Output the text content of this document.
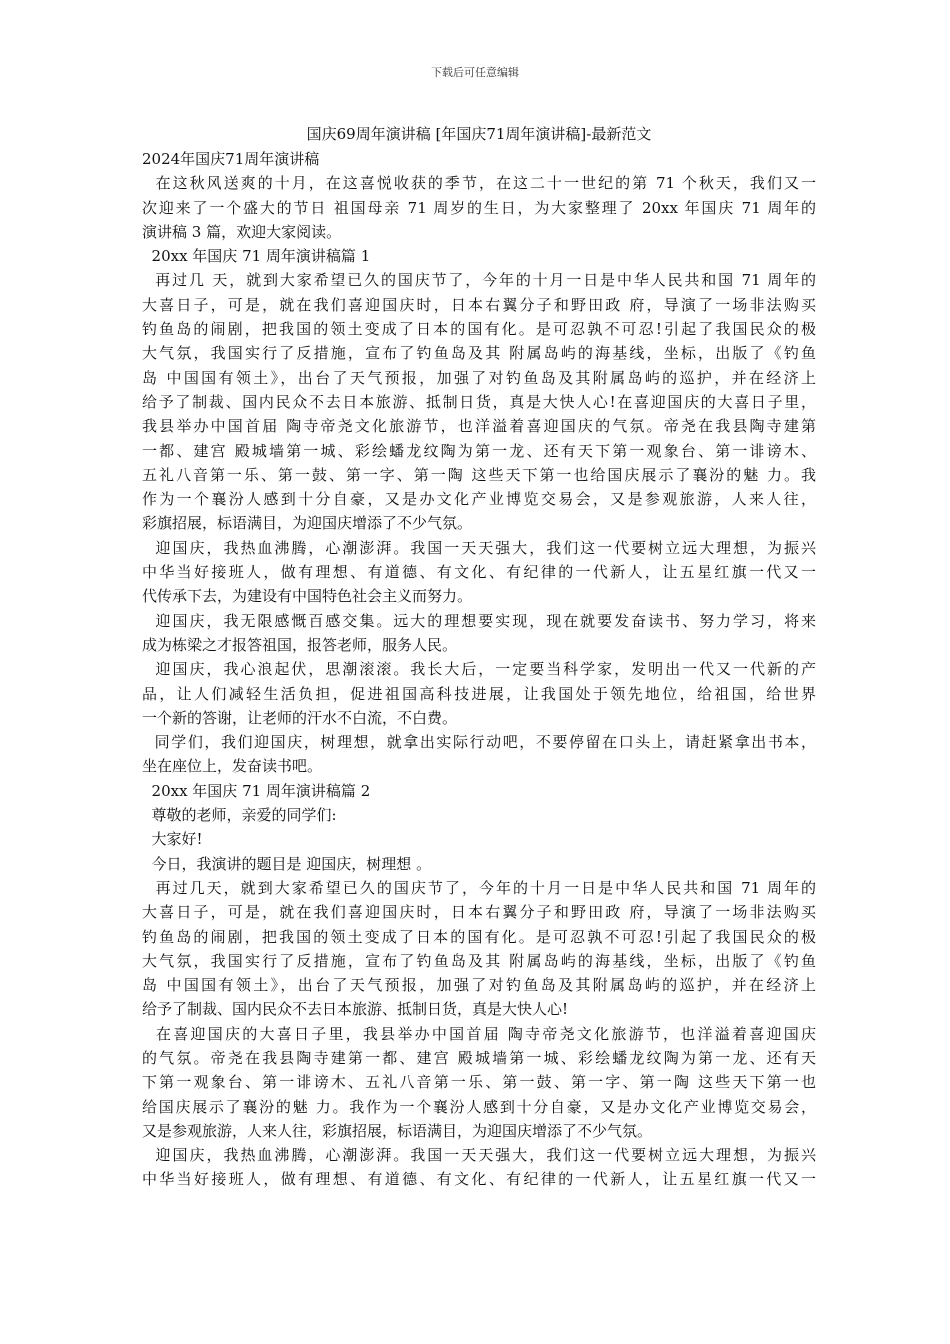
下载后可任意编辑
国庆69周年演讲稿 [年国庆71周年演讲稿]-最新范文
2024年国庆71周年演讲稿
在这秋风送爽的十月，在这喜悦收获的季节，在这二十一世纪的第 71 个秋天，我们又一
次迎来了一个盛大的节日 祖国母亲 71 周岁的生日，为大家整理了 20xx 年国庆 71 周年的
演讲稿 3 篇，欢迎大家阅读。
20xx 年国庆 71 周年演讲稿篇 1
再过几 天，就到大家希望已久的国庆节了，今年的十月一日是中华人民共和国 71 周年的
大喜日子，可是，就在我们喜迎国庆时，日本右翼分子和野田政 府，导演了一场非法购买
钓鱼岛的闹剧，把我国的领土变成了日本的国有化。是可忍孰不可忍!引起了我国民众的极
大气氛，我国实行了反措施，宣布了钓鱼岛及其 附属岛屿的海基线，坐标，出版了《钓鱼
岛 中国国有领土》，出台了天气预报，加强了对钓鱼岛及其附属岛屿的巡护，并在经济上
给予了制裁、国内民众不去日本旅游、抵制日货，真是大快人心!在喜迎国庆的大喜日子里，
我县举办中国首届 陶寺帝尧文化旅游节，也洋溢着喜迎国庆的气氛。帝尧在我县陶寺建第
一都、建宫 殿城墙第一城、彩绘蟠龙纹陶为第一龙、还有天下第一观象台、第一诽谤木、
五礼八音第一乐、第一鼓、第一字、第一陶 这些天下第一也给国庆展示了襄汾的魅 力。我
作为一个襄汾人感到十分自豪，又是办文化产业博览交易会，又是参观旅游，人来人往，
彩旗招展，标语满目，为迎国庆增添了不少气氛。
迎国庆，我热血沸腾，心潮澎湃。我国一天天强大，我们这一代要树立远大理想，为振兴
中华当好接班人，做有理想、有道德、有文化、有纪律的一代新人，让五星红旗一代又一
代传承下去，为建设有中国特色社会主义而努力。
迎国庆，我无限感慨百感交集。远大的理想要实现，现在就要发奋读书、努力学习，将来
成为栋梁之才报答祖国，报答老师，服务人民。
迎国庆，我心浪起伏，思潮滚滚。我长大后，一定要当科学家，发明出一代又一代新的产
品，让人们减轻生活负担，促进祖国高科技进展，让我国处于领先地位，给祖国，给世界
一个新的答谢，让老师的汗水不白流，不白费。
同学们，我们迎国庆，树理想，就拿出实际行动吧，不要停留在口头上，请赶紧拿出书本，
坐在座位上，发奋读书吧。
20xx 年国庆 71 周年演讲稿篇 2
尊敬的老师，亲爱的同学们:
大家好!
今日，我演讲的题目是 迎国庆，树理想 。
再过几天，就到大家希望已久的国庆节了，今年的十月一日是中华人民共和国 71 周年的
大喜日子，可是，就在我们喜迎国庆时，日本右翼分子和野田政 府，导演了一场非法购买
钓鱼岛的闹剧，把我国的领土变成了日本的国有化。是可忍孰不可忍!引起了我国民众的极
大气氛，我国实行了反措施，宣布了钓鱼岛及其 附属岛屿的海基线，坐标，出版了《钓鱼
岛 中国国有领土》，出台了天气预报，加强了对钓鱼岛及其附属岛屿的巡护，并在经济上
给予了制裁、国内民众不去日本旅游、抵制日货，真是大快人心!
在喜迎国庆的大喜日子里，我县举办中国首届 陶寺帝尧文化旅游节，也洋溢着喜迎国庆
的气氛。帝尧在我县陶寺建第一都、建宫 殿城墙第一城、彩绘蟠龙纹陶为第一龙、还有天
下第一观象台、第一诽谤木、五礼八音第一乐、第一鼓、第一字、第一陶 这些天下第一也
给国庆展示了襄汾的魅 力。我作为一个襄汾人感到十分自豪，又是办文化产业博览交易会，
又是参观旅游，人来人往，彩旗招展，标语满目，为迎国庆增添了不少气氛。
迎国庆，我热血沸腾，心潮澎湃。我国一天天强大，我们这一代要树立远大理想，为振兴
中华当好接班人，做有理想、有道德、有文化、有纪律的一代新人，让五星红旗一代又一
